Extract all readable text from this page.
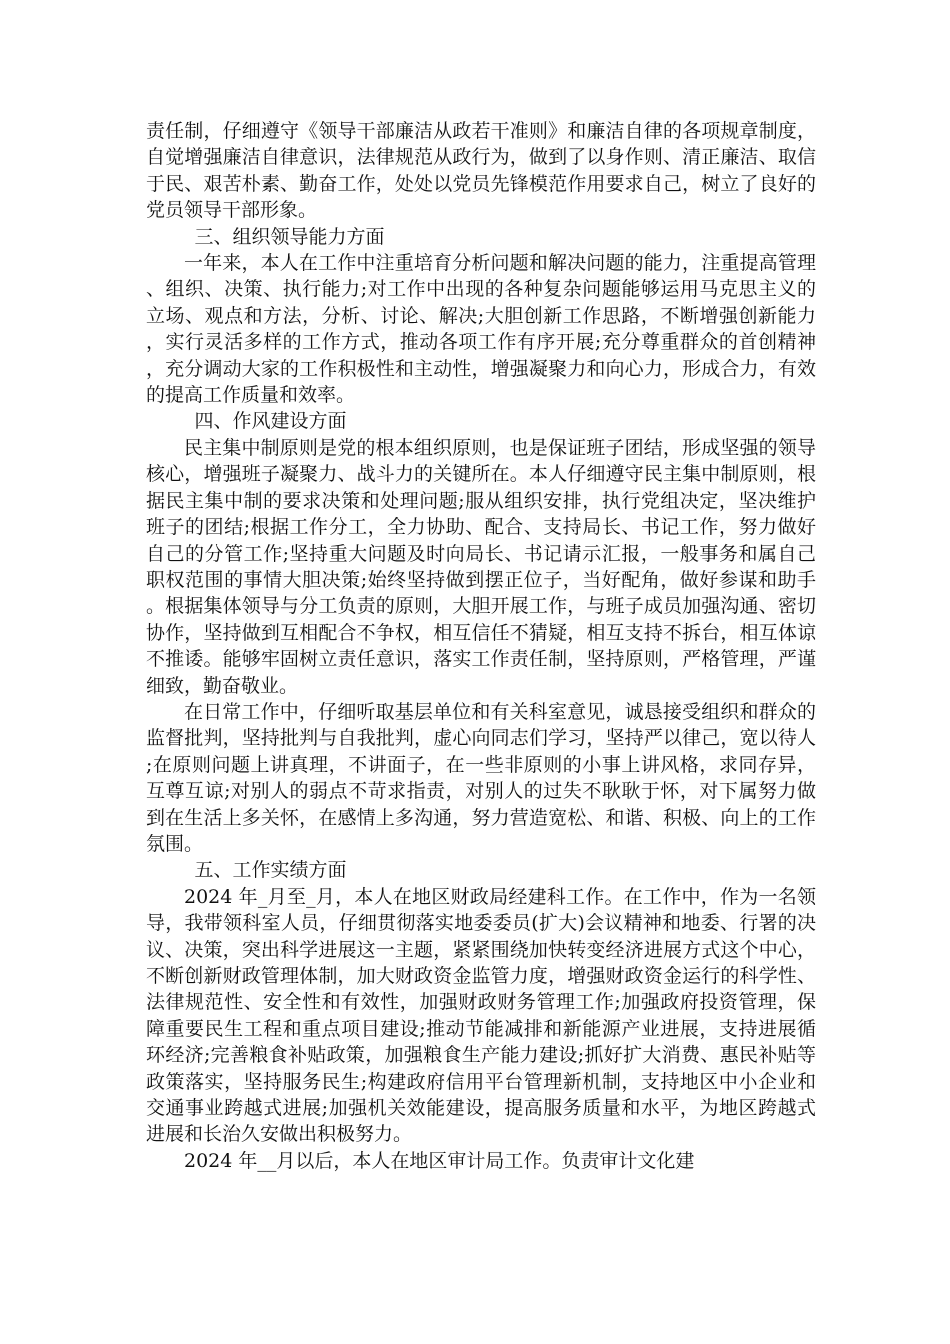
责任制，仔细遵守《领导干部廉洁从政若干准则》和廉洁自律的各项规章制度，自觉增强廉洁自律意识，法律规范从政行为，做到了以身作则、清正廉洁、取信于民、艰苦朴素、勤奋工作，处处以党员先锋模范作用要求自己，树立了良好的党员领导干部形象。

三、组织领导能力方面

一年来，本人在工作中注重培育分析问题和解决问题的能力，注重提高管理、组织、决策、执行能力;对工作中出现的各种复杂问题能够运用马克思主义的立场、观点和方法，分析、讨论、解决;大胆创新工作思路，不断增强创新能力，实行灵活多样的工作方式，推动各项工作有序开展;充分尊重群众的首创精神，充分调动大家的工作积极性和主动性，增强凝聚力和向心力，形成合力，有效的提高工作质量和效率。

四、作风建设方面

民主集中制原则是党的根本组织原则，也是保证班子团结，形成坚强的领导核心，增强班子凝聚力、战斗力的关键所在。本人仔细遵守民主集中制原则，根据民主集中制的要求决策和处理问题;服从组织安排，执行党组决定，坚决维护班子的团结;根据工作分工，全力协助、配合、支持局长、书记工作，努力做好自己的分管工作;坚持重大问题及时向局长、书记请示汇报，一般事务和属自己职权范围的事情大胆决策;始终坚持做到摆正位子，当好配角，做好参谋和助手。根据集体领导与分工负责的原则，大胆开展工作，与班子成员加强沟通、密切协作，坚持做到互相配合不争权，相互信任不猜疑，相互支持不拆台，相互体谅不推诿。能够牢固树立责任意识，落实工作责任制，坚持原则，严格管理，严谨细致，勤奋敬业。

在日常工作中，仔细听取基层单位和有关科室意见，诚恳接受组织和群众的监督批判，坚持批判与自我批判，虚心向同志们学习，坚持严以律己，宽以待人;在原则问题上讲真理，不讲面子，在一些非原则的小事上讲风格，求同存异，互尊互谅;对别人的弱点不苛求指责，对别人的过失不耿耿于怀，对下属努力做到在生活上多关怀，在感情上多沟通，努力营造宽松、和谐、积极、向上的工作氛围。

五、工作实绩方面

2024 年_月至_月，本人在地区财政局经建科工作。在工作中，作为一名领导，我带领科室人员，仔细贯彻落实地委委员(扩大)会议精神和地委、行署的决议、决策，突出科学进展这一主题，紧紧围绕加快转变经济进展方式这个中心，不断创新财政管理体制，加大财政资金监管力度，增强财政资金运行的科学性、法律规范性、安全性和有效性，加强财政财务管理工作;加强政府投资管理，保障重要民生工程和重点项目建设;推动节能减排和新能源产业进展，支持进展循环经济;完善粮食补贴政策，加强粮食生产能力建设;抓好扩大消费、惠民补贴等政策落实，坚持服务民生;构建政府信用平台管理新机制，支持地区中小企业和交通事业跨越式进展;加强机关效能建设，提高服务质量和水平，为地区跨越式进展和长治久安做出积极努力。

2024 年__月以后，本人在地区审计局工作。负责审计文化建
